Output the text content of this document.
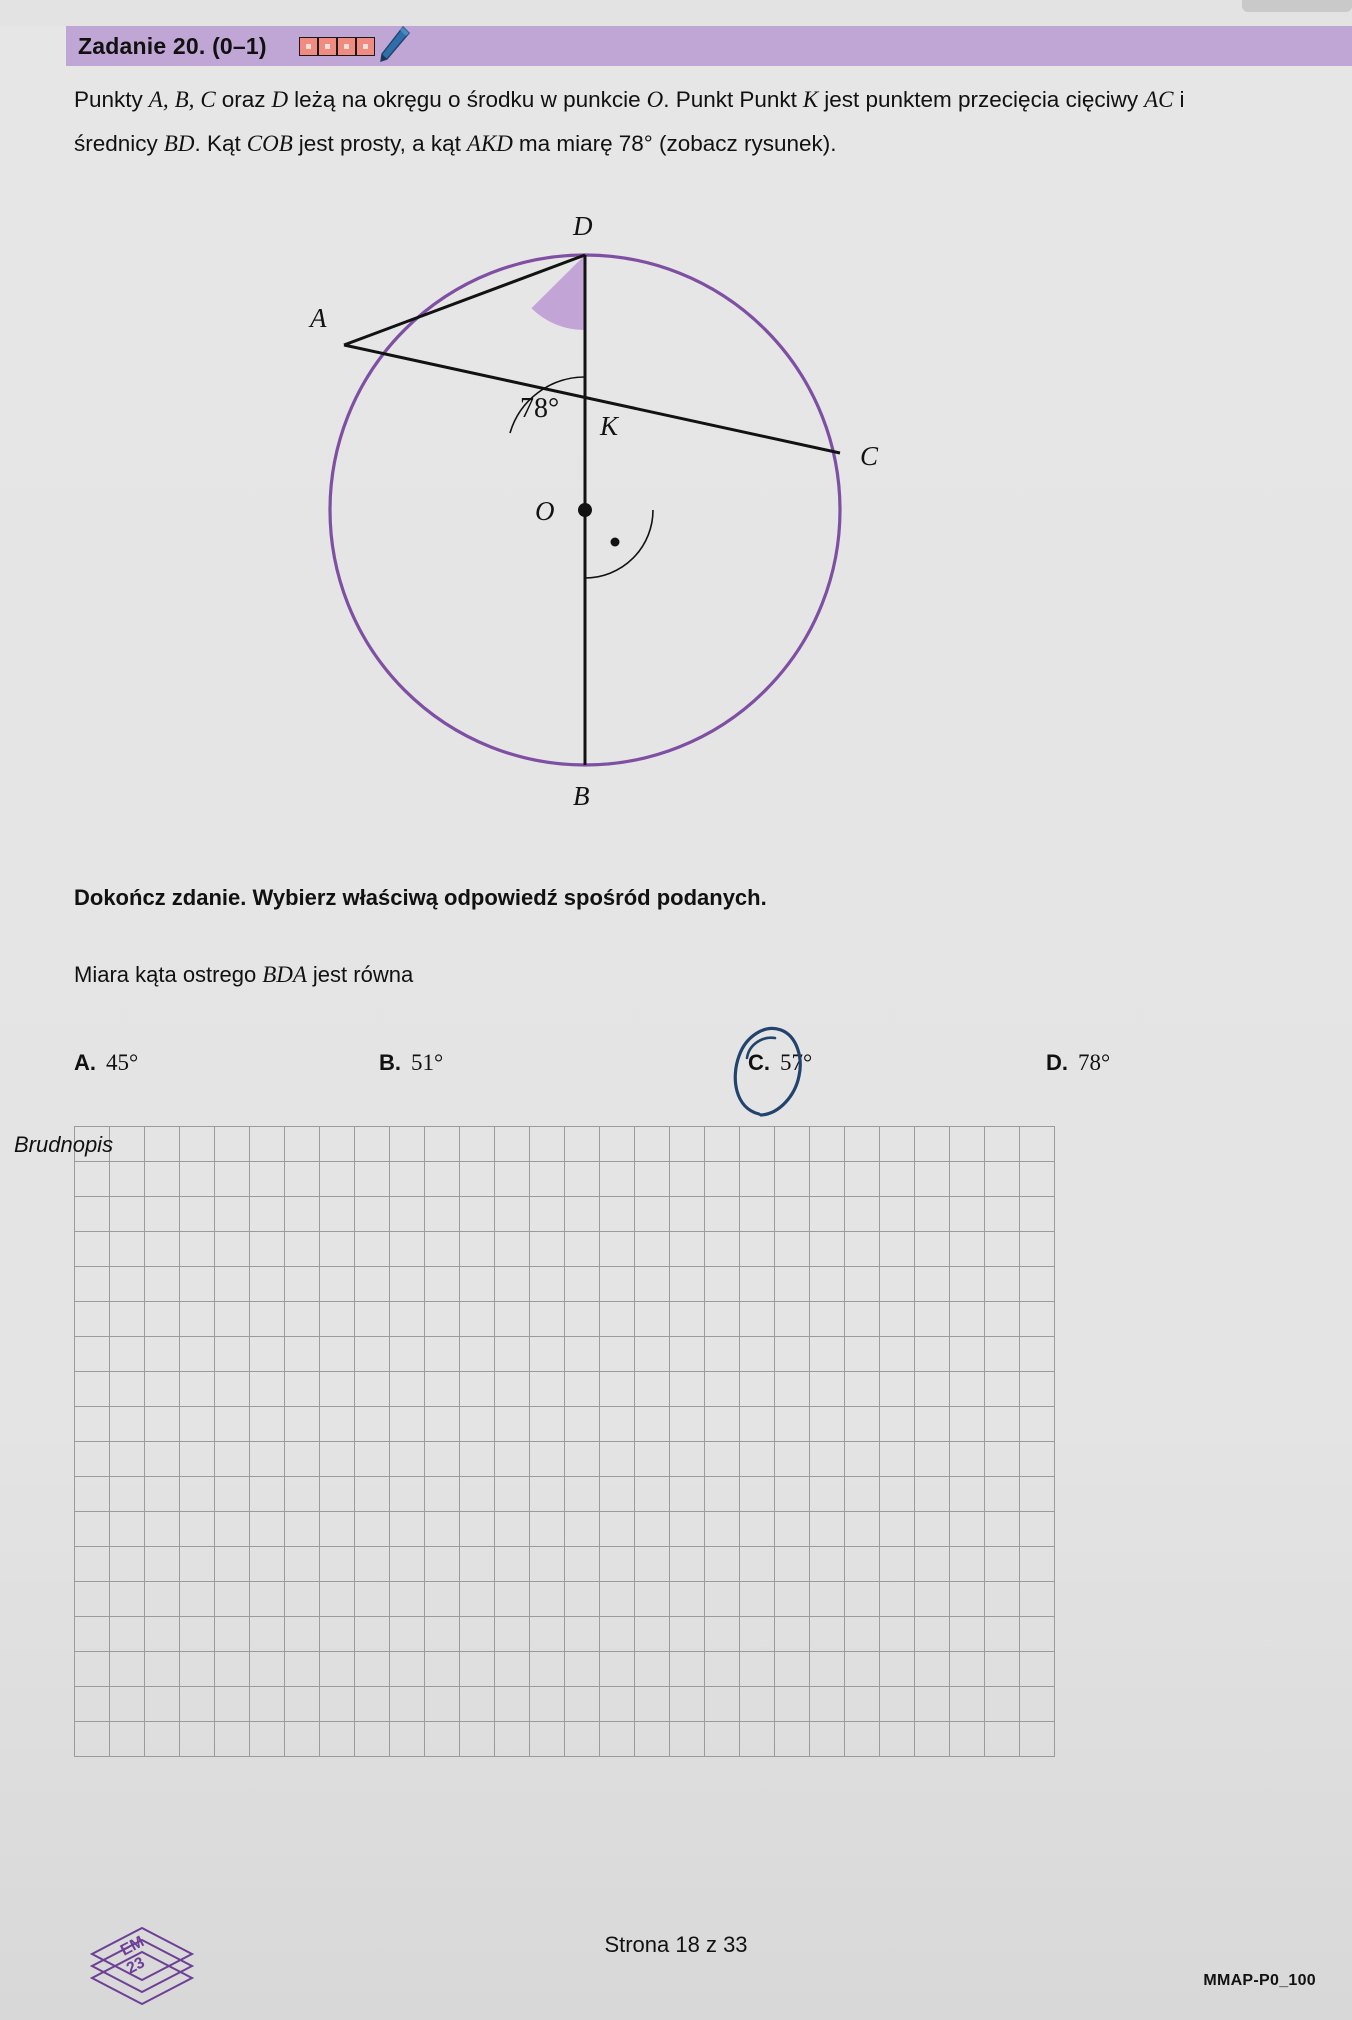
Zadanie 20. (0–1)
Punkty A, B, C oraz D leżą na okręgu o środku w punkcie O. Punkt Punkt K jest punktem przecięcia cięciwy AC i średnicy BD. Kąt COB jest prosty, a kąt AKD ma miarę 78° (zobacz rysunek).
D
B
A
C
K
O
78°
Dokończ zdanie. Wybierz właściwą odpowiedź spośród podanych.
Miara kąta ostrego BDA jest równa
A. 45°	B. 51°	C. 57°	D. 78°
Brudnopis

EM
23
Strona 18 z 33
MMAP-P0_100
